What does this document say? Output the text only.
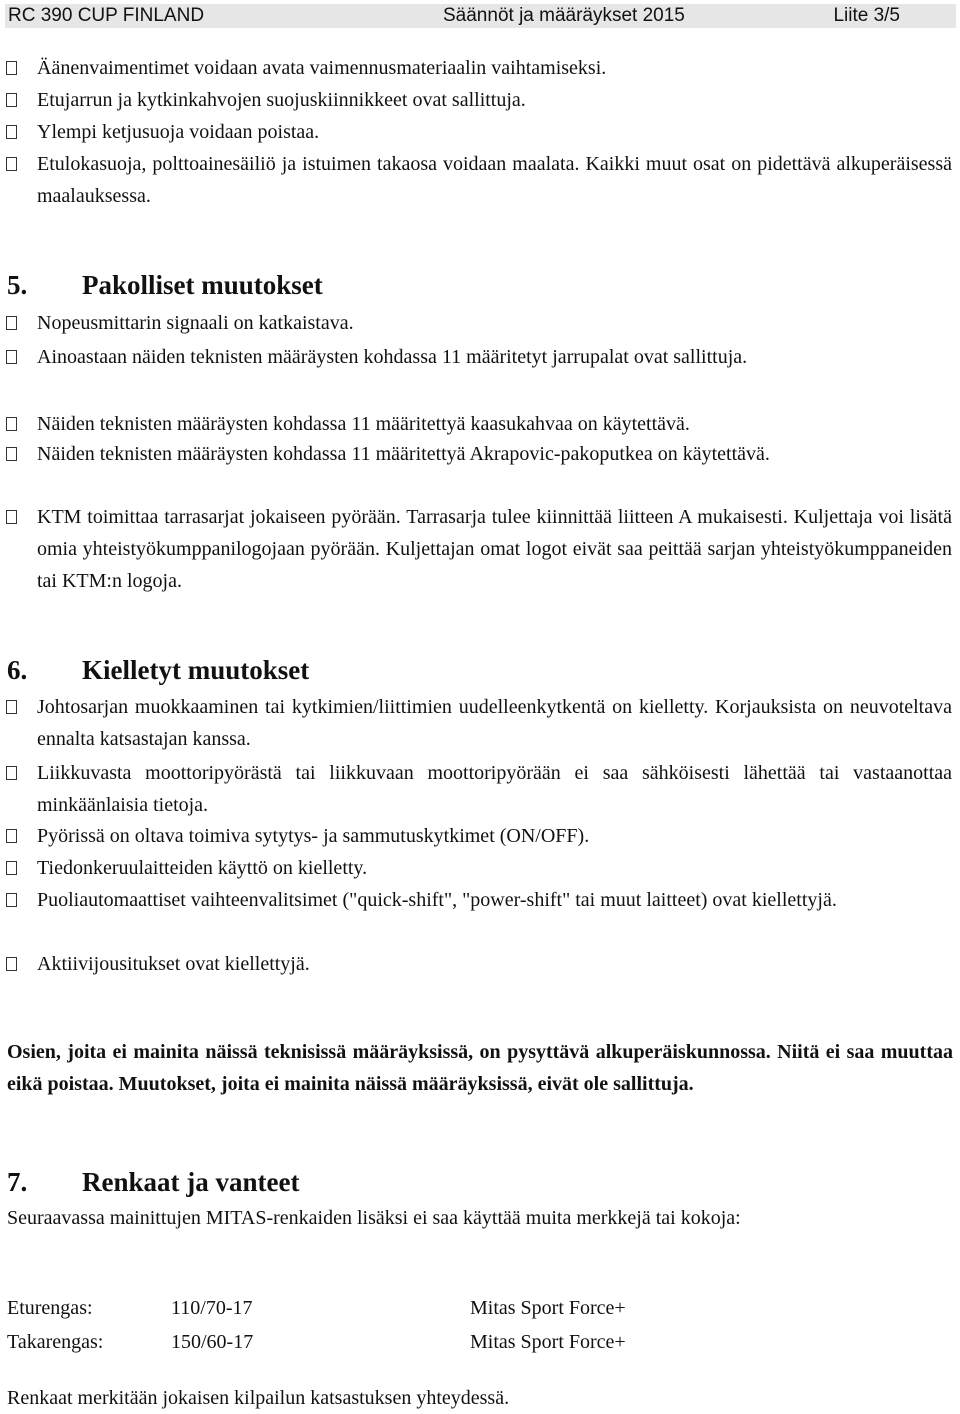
RC 390 CUP FINLAND	Säännöt ja määräykset 2015	Liite 3/5
Äänenvaimentimet voidaan avata vaimennusmateriaalin vaihtamiseksi.
Etujarrun ja kytkinkahvojen suojuskiinnikkeet ovat sallittuja.
Ylempi ketjusuoja voidaan poistaa.
Etulokasuoja, polttoainesäiliö ja istuimen takaosa voidaan maalata. Kaikki muut osat on pidettävä alkuperäisessä maalauksessa.
5. Pakolliset muutokset
Nopeusmittarin signaali on katkaistava.
Ainoastaan näiden teknisten määräysten kohdassa 11 määritetyt jarrupalat ovat sallittuja.
Näiden teknisten määräysten kohdassa 11 määritettyä kaasukahvaa on käytettävä.
Näiden teknisten määräysten kohdassa 11 määritettyä Akrapovic-pakoputkea on käytettävä.
KTM toimittaa tarrasarjat jokaiseen pyörään. Tarrasarja tulee kiinnittää liitteen A mukaisesti. Kuljettaja voi lisätä omia yhteistyökumppanilogojaan pyörään. Kuljettajan omat logot eivät saa peittää sarjan yhteistyökumppaneiden tai KTM:n logoja.
6. Kielletyt muutokset
Johtosarjan muokkaaminen tai kytkimien/liittimien uudelleenkytkentä on kielletty. Korjauksista on neuvoteltava ennalta katsastajan kanssa.
Liikkuvasta moottoripyörästä tai liikkuvaan moottoripyörään ei saa sähköisesti lähettää tai vastaanottaa minkäänlaisia tietoja.
Pyörissä on oltava toimiva sytytys- ja sammutuskytkimet (ON/OFF).
Tiedonkeruulaitteiden käyttö on kielletty.
Puoliautomaattiset vaihteenvalitsimet ("quick-shift", "power-shift" tai muut laitteet) ovat kiellettyjä.
Aktiivijousitukset ovat kiellettyjä.
Osien, joita ei mainita näissä teknisissä määräyksissä, on pysyttävä alkuperäiskunnossa. Niitä ei saa muuttaa eikä poistaa. Muutokset, joita ei mainita näissä määräyksissä, eivät ole sallittuja.
7. Renkaat ja vanteet
Seuraavassa mainittujen MITAS-renkaiden lisäksi ei saa käyttää muita merkkejä tai kokoja:
Eturengas:	110/70-17	Mitas Sport Force+
Takarengas:	150/60-17	Mitas Sport Force+
Renkaat merkitään jokaisen kilpailun katsastuksen yhteydessä.
